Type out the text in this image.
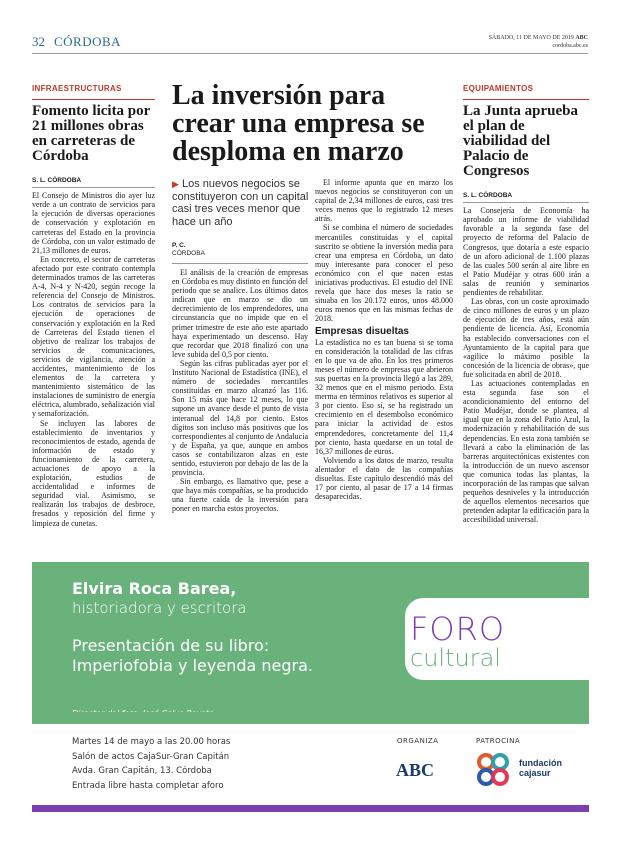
32 CÓRDOBA	SÁBADO, 11 DE MAYO DE 2019 ABC
cordoba.abc.es
INFRAESTRUCTURAS
Fomento licita por 21 millones obras en carreteras de Córdoba
S. L. CÓRDOBA

El Consejo de Ministros dio ayer luz verde a un contrato de servicios para la ejecución de diversas operaciones de conservación y explotación en carreteras del Estado en la provincia de Córdoba, con un valor estimado de 21,13 millones de euros.

En concreto, el sector de carreteras afectado por este contrato contempla determinados tramos de las carreteras A-4, N-4 y N-420, según recoge la referencia del Consejo de Ministros. Los contratos de servicios para la ejecución de operaciones de conservación y explotación en la Red de Carreteras del Estado tienen el objetivo de realizar los trabajos de servicios de comunicaciones, servicios de vigilancia, atención a accidentes, mantenimiento de los elementos de la carretera y mantenimiento sistemático de las instalaciones de suministro de energía eléctrica, alumbrado, señalización vial y semaforización.

Se incluyen las labores de establecimiento de inventarios y reconocimientos de estado, agenda de información de estado y funcionamiento de la carretera, actuaciones de apoyo a la explotación, estudios de accidentalidad e informes de seguridad vial. Asimismo, se realizarán los trabajos de desbroce, fresados y reposición del firme y limpieza de cunetas.

La inversión para crear una empresa se desploma en marzo
▶ Los nuevos negocios se constituyeron con un capital casi tres veces menor que hace un año
P. C.
CÓRDOBA

El análisis de la creación de empresas en Córdoba es muy distinto en función del periodo que se analice. Los últimos datos indican que en marzo se dio un decrecimiento de los emprendedores, una circunstancia que no impide que en el primer trimestre de este año este apartado haya experimentado un descenso. Hay que recordar que 2018 finalizó con una leve subida del 0,5 por ciento.

Según las cifras publicadas ayer por el Instituto Nacional de Estadística (INE), el número de sociedades mercantiles constituidas en marzo alcanzó las 116. Son 15 más que hace 12 meses, lo que supone un avance desde el punto de vista interanual del 14,8 por ciento. Estos dígitos son incluso más positivos que los correspondientes al conjunto de Andalucía y de España, ya que, aunque en ambos casos se contabilizaron alzas en este sentido, estuvieron por debajo de las de la provincia.

Sin embargo, es llamativo que, pese a que haya más compañías, se ha producido una fuerte caída de la inversión para poner en marcha estos proyectos.

El informe apunta que en marzo los nuevos negocios se constituyeron con un capital de 2,34 millones de euros, casi tres veces menos que lo registrado 12 meses atrás.

Si se combina el número de sociedades mercantiles constituidas y el capital suscrito se obtiene la inversión media para crear una empresa en Córdoba, un dato muy interesante para conocer el peso económico con el que nacen estas iniciativas productivas. El estudio del INE revela que hace dos meses la ratio se situaba en los 20.172 euros, unos 48.000 euros menos que en las mismas fechas de 2018.

Empresas disueltas

La estadística no es tan buena si se toma en consideración la totalidad de las cifras en lo que va de año. En los tres primeros meses el número de empresas que abrieron sus puertas en la provincia llegó a las 289, 32 menos que en el mismo periodo. Esta merma en términos relativos es superior al 3 por ciento. Eso sí, se ha registrado un crecimiento en el desembolso económico para iniciar la actividad de estos emprendedores, concretamente del 11,4 por ciento, hasta quedarse en un total de 16,37 millones de euros.

Volviendo a los datos de marzo, resulta alentador el dato de las compañías disueltas. Este capítulo descendió más del 17 por ciento, al pasar de 17 a 14 firmas desaparecidas.

EQUIPAMIENTOS
La Junta aprueba el plan de viabilidad del Palacio de Congresos
S. L. CÓRDOBA

La Consejería de Economía ha aprobado un informe de viabilidad favorable a la segunda fase del proyecto de reforma del Palacio de Congresos, que dotaría a este espacio de un aforo adicional de 1.100 plazas de las cuales 500 serán al aire libre en el Patio Mudéjar y otras 600 irán a salas de reunión y seminarios pendientes de rehabilitar.

Las obras, con un coste aproximado de cinco millones de euros y un plazo de ejecución de tres años, está aún pendiente de licencia. Así, Economía ha establecido conversaciones con el Ayuntamiento de la capital para que «agilice lo máximo posible la concesión de la licencia de obras», que fue solicitada en abril de 2018.

Las actuaciones contempladas en esta segunda fase son el acondicionamiento del entorno del Patio Mudéjar, donde se plantea, al igual que en la zona del Patio Azul, la modernización y rehabilitación de sus dependencias. En esta zona también se llevará a cabo la eliminación de las barreras arquitectónicas existentes con la introducción de un nuevo ascensor que comunica todas las plantas, la incorporación de las rampas que salvan pequeños desniveles y la introducción de aquellos elementos necesarios que pretenden adaptar la edificación para la accesibilidad universal.

Elvira Roca Barea,
historiadora y escritora
Presentación de su libro:
Imperiofobia y leyenda negra.
FORO
cultural
Martes 14 de mayo a las 20.00 horas
Salón de actos CajaSur-Gran Capitán
Avda. Gran Capitán, 13. Córdoba
Entrada libre hasta completar aforo
ORGANIZA	PATROCINA
ABC	fundación
cajasur
